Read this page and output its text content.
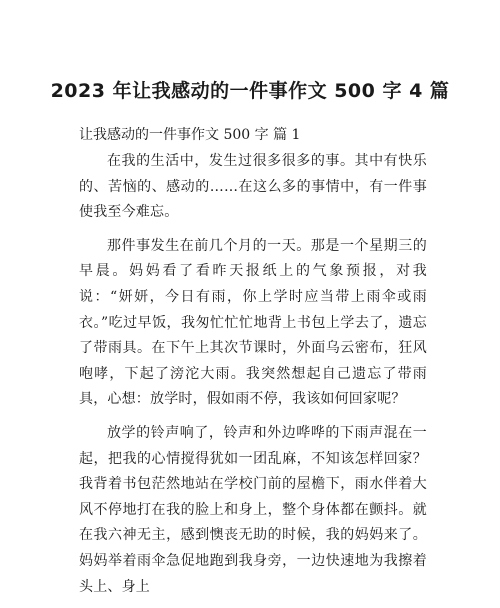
2023 年让我感动的一件事作文 500 字 4 篇

让我感动的一件事作文 500 字 篇 1

在我的生活中，发生过很多很多的事。其中有快乐的、苦恼的、感动的……在这么多的事情中，有一件事使我至今难忘。

那件事发生在前几个月的一天。那是一个星期三的早晨。妈妈看了看昨天报纸上的气象预报，对我说：“妍妍，今日有雨，你上学时应当带上雨伞或雨衣。”吃过早饭，我匆忙忙忙地背上书包上学去了，遗忘了带雨具。在下午上其次节课时，外面乌云密布，狂风咆哮，下起了滂沱大雨。我突然想起自己遗忘了带雨具，心想：放学时，假如雨不停，我该如何回家呢？

放学的铃声响了，铃声和外边哗哗的下雨声混在一起，把我的心情搅得犹如一团乱麻，不知该怎样回家？我背着书包茫然地站在学校门前的屋檐下，雨水伴着大风不停地打在我的脸上和身上，整个身体都在颤抖。就在我六神无主，感到懊丧无助的时候，我的妈妈来了。妈妈举着雨伞急促地跑到我身旁，一边快速地为我擦着头上、身上
